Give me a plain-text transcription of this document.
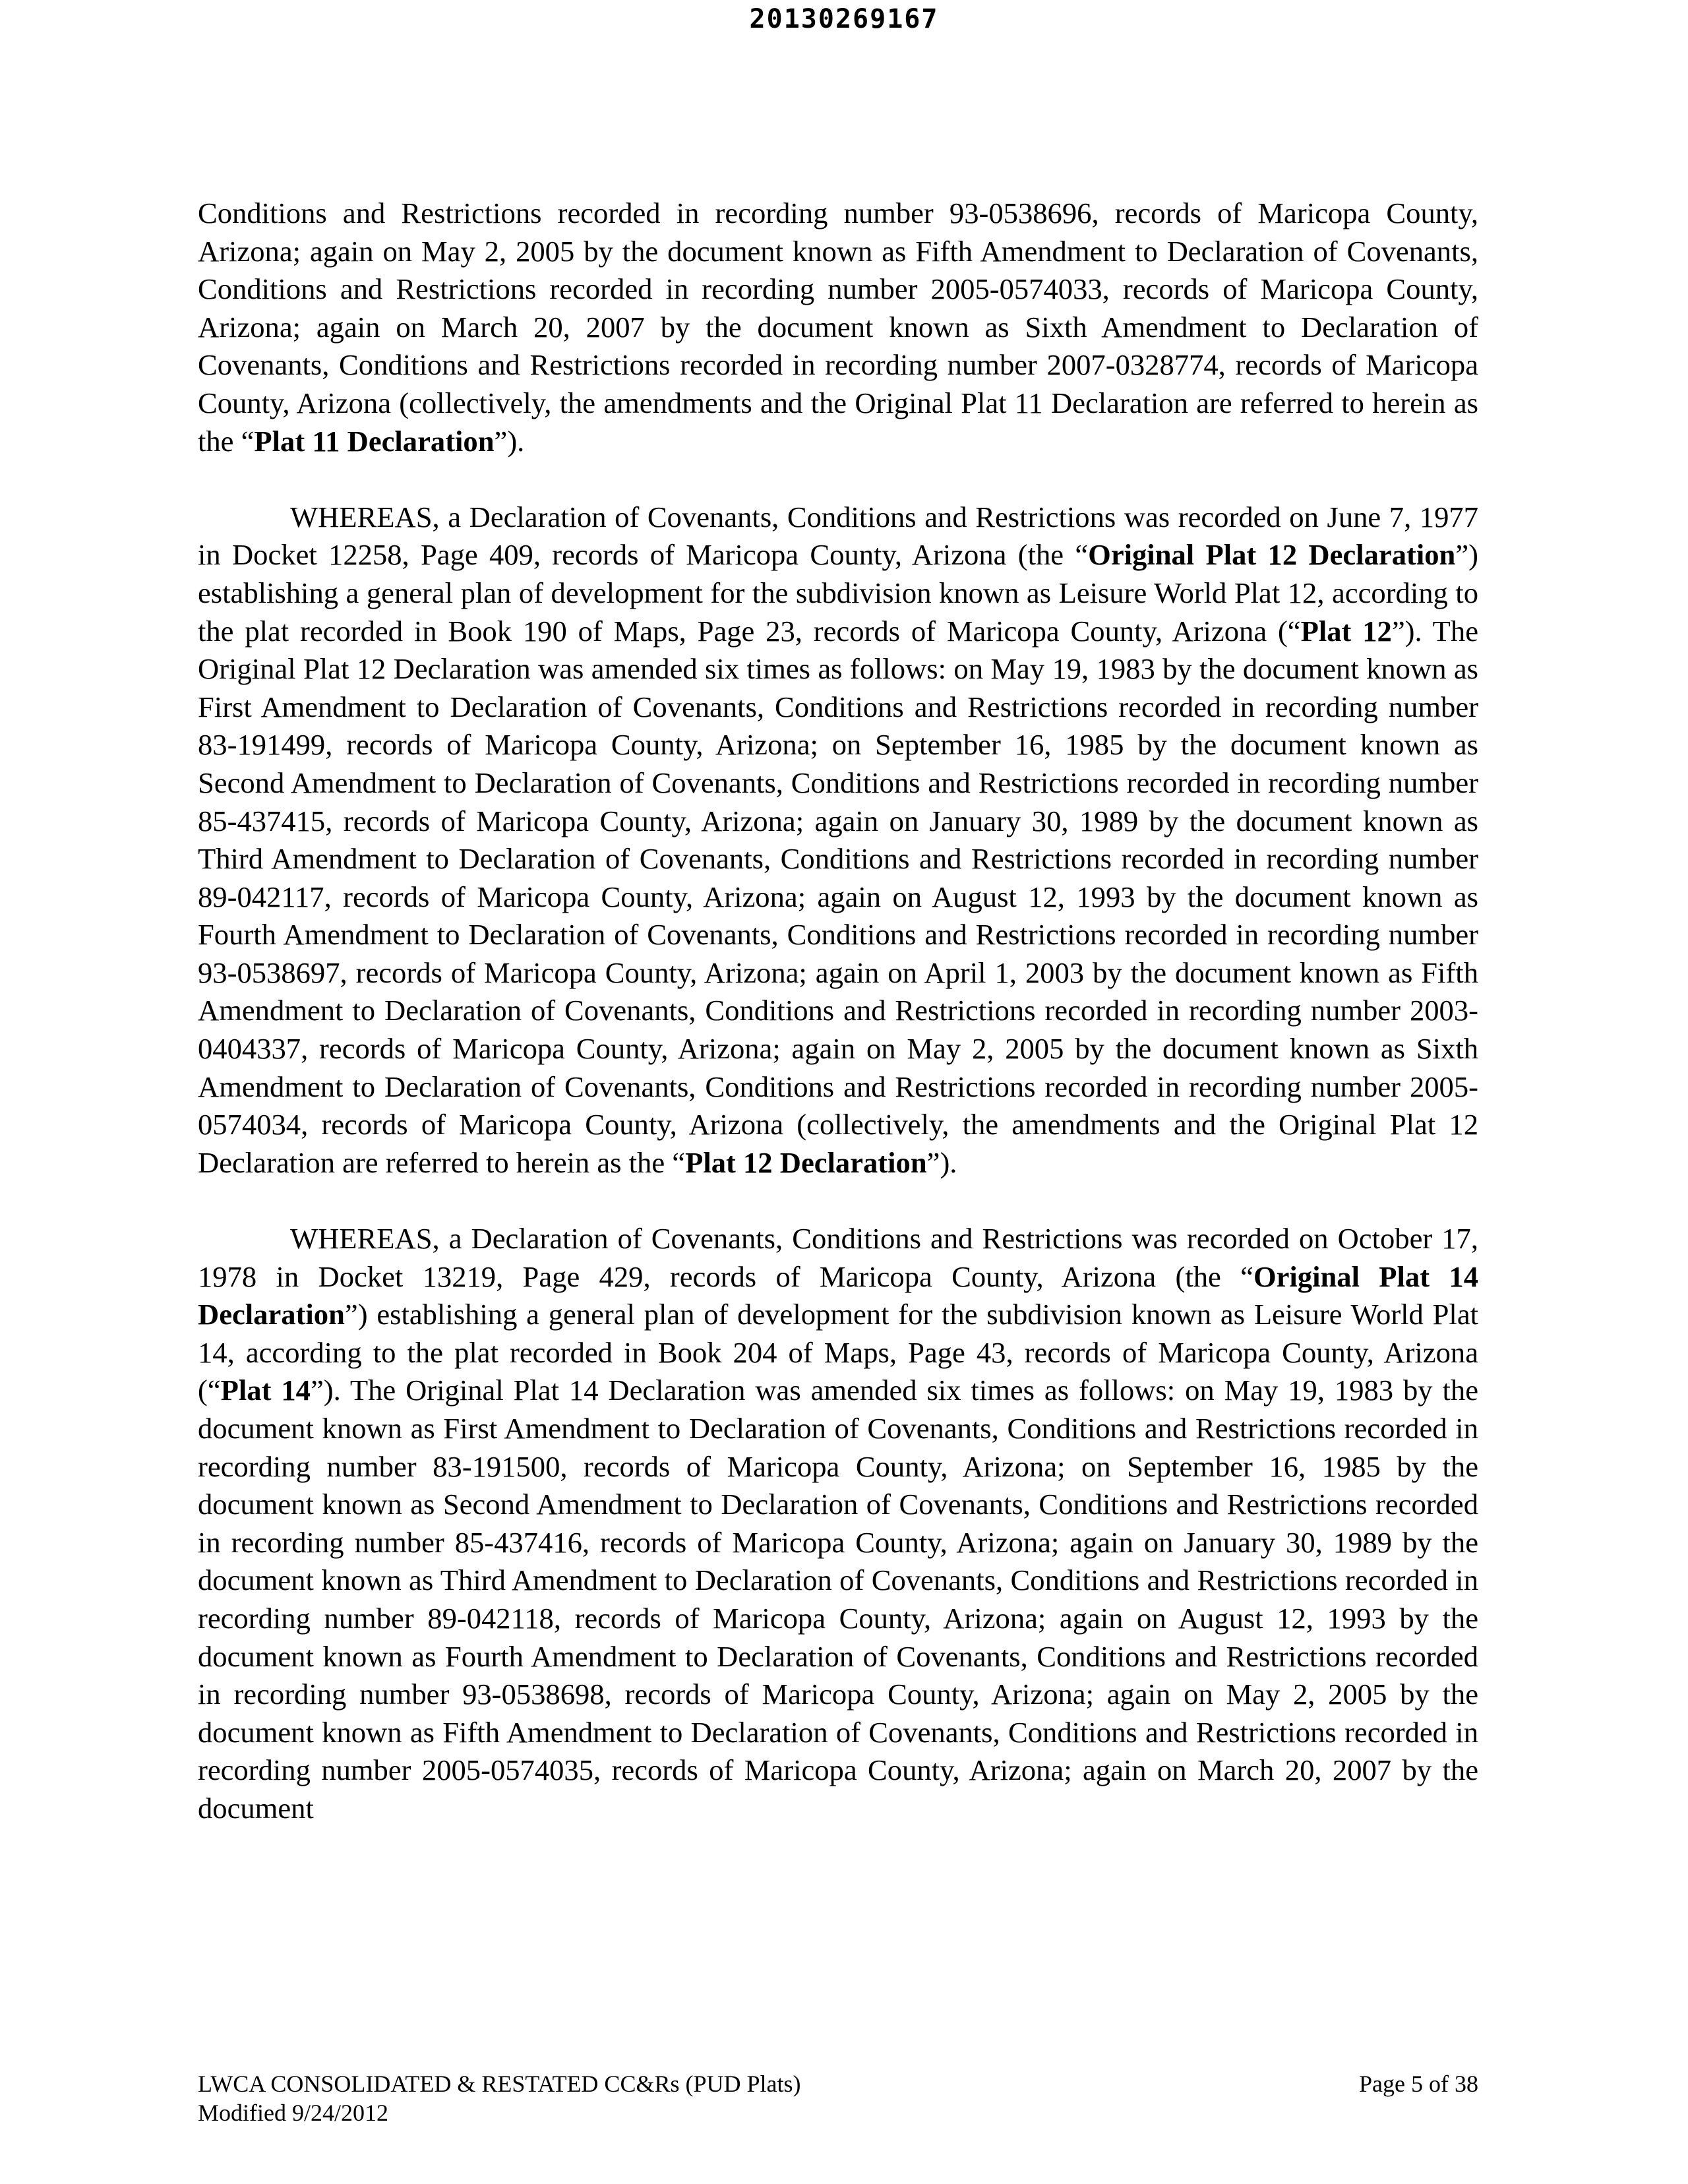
20130269167

Conditions and Restrictions recorded in recording number 93-0538696, records of Maricopa County, Arizona; again on May 2, 2005 by the document known as Fifth Amendment to Declaration of Covenants, Conditions and Restrictions recorded in recording number 2005-0574033, records of Maricopa County, Arizona; again on March 20, 2007 by the document known as Sixth Amendment to Declaration of Covenants, Conditions and Restrictions recorded in recording number 2007-0328774, records of Maricopa County, Arizona (collectively, the amendments and the Original Plat 11 Declaration are referred to herein as the “Plat 11 Declaration”).

WHEREAS, a Declaration of Covenants, Conditions and Restrictions was recorded on June 7, 1977 in Docket 12258, Page 409, records of Maricopa County, Arizona (the “Original Plat 12 Declaration”) establishing a general plan of development for the subdivision known as Leisure World Plat 12, according to the plat recorded in Book 190 of Maps, Page 23, records of Maricopa County, Arizona (“Plat 12”). The Original Plat 12 Declaration was amended six times as follows: on May 19, 1983 by the document known as First Amendment to Declaration of Covenants, Conditions and Restrictions recorded in recording number 83-191499, records of Maricopa County, Arizona; on September 16, 1985 by the document known as Second Amendment to Declaration of Covenants, Conditions and Restrictions recorded in recording number 85-437415, records of Maricopa County, Arizona; again on January 30, 1989 by the document known as Third Amendment to Declaration of Covenants, Conditions and Restrictions recorded in recording number 89-042117, records of Maricopa County, Arizona; again on August 12, 1993 by the document known as Fourth Amendment to Declaration of Covenants, Conditions and Restrictions recorded in recording number 93-0538697, records of Maricopa County, Arizona; again on April 1, 2003 by the document known as Fifth Amendment to Declaration of Covenants, Conditions and Restrictions recorded in recording number 2003-0404337, records of Maricopa County, Arizona; again on May 2, 2005 by the document known as Sixth Amendment to Declaration of Covenants, Conditions and Restrictions recorded in recording number 2005-0574034, records of Maricopa County, Arizona (collectively, the amendments and the Original Plat 12 Declaration are referred to herein as the “Plat 12 Declaration”).

WHEREAS, a Declaration of Covenants, Conditions and Restrictions was recorded on October 17, 1978 in Docket 13219, Page 429, records of Maricopa County, Arizona (the “Original Plat 14 Declaration”) establishing a general plan of development for the subdivision known as Leisure World Plat 14, according to the plat recorded in Book 204 of Maps, Page 43, records of Maricopa County, Arizona (“Plat 14”). The Original Plat 14 Declaration was amended six times as follows: on May 19, 1983 by the document known as First Amendment to Declaration of Covenants, Conditions and Restrictions recorded in recording number 83-191500, records of Maricopa County, Arizona; on September 16, 1985 by the document known as Second Amendment to Declaration of Covenants, Conditions and Restrictions recorded in recording number 85-437416, records of Maricopa County, Arizona; again on January 30, 1989 by the document known as Third Amendment to Declaration of Covenants, Conditions and Restrictions recorded in recording number 89-042118, records of Maricopa County, Arizona; again on August 12, 1993 by the document known as Fourth Amendment to Declaration of Covenants, Conditions and Restrictions recorded in recording number 93-0538698, records of Maricopa County, Arizona; again on May 2, 2005 by the document known as Fifth Amendment to Declaration of Covenants, Conditions and Restrictions recorded in recording number 2005-0574035, records of Maricopa County, Arizona; again on March 20, 2007 by the document

LWCA CONSOLIDATED & RESTATED CC&Rs (PUD Plats)
Modified 9/24/2012
Page 5 of 38
